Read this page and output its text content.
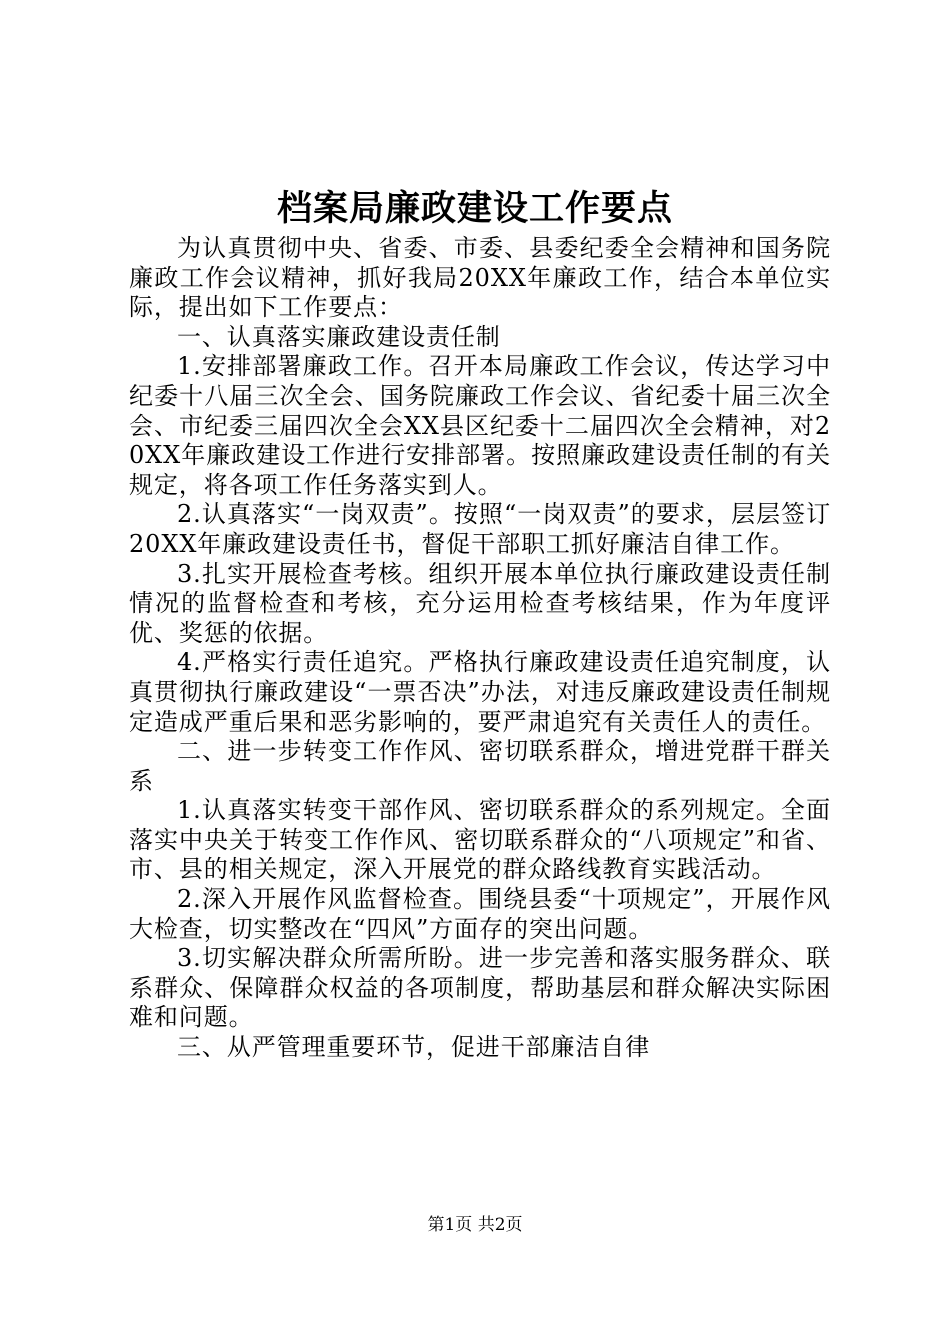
档案局廉政建设工作要点

为认真贯彻中央、省委、市委、县委纪委全会精神和国务院廉政工作会议精神，抓好我局20XX年廉政工作，结合本单位实际，提出如下工作要点：

一、认真落实廉政建设责任制

1.安排部署廉政工作。召开本局廉政工作会议，传达学习中纪委十八届三次全会、国务院廉政工作会议、省纪委十届三次全会、市纪委三届四次全会XX县区纪委十二届四次全会精神，对20XX年廉政建设工作进行安排部署。按照廉政建设责任制的有关规定，将各项工作任务落实到人。

2.认真落实“一岗双责”。按照“一岗双责”的要求，层层签订20XX年廉政建设责任书，督促干部职工抓好廉洁自律工作。

3.扎实开展检查考核。组织开展本单位执行廉政建设责任制情况的监督检查和考核，充分运用检查考核结果，作为年度评优、奖惩的依据。

4.严格实行责任追究。严格执行廉政建设责任追究制度，认真贯彻执行廉政建设“一票否决”办法，对违反廉政建设责任制规定造成严重后果和恶劣影响的，要严肃追究有关责任人的责任。

二、进一步转变工作作风、密切联系群众，增进党群干群关系

1.认真落实转变干部作风、密切联系群众的系列规定。全面落实中央关于转变工作作风、密切联系群众的“八项规定”和省、市、县的相关规定，深入开展党的群众路线教育实践活动。

2.深入开展作风监督检查。围绕县委“十项规定”，开展作风大检查，切实整改在“四风”方面存的突出问题。

3.切实解决群众所需所盼。进一步完善和落实服务群众、联系群众、保障群众权益的各项制度，帮助基层和群众解决实际困难和问题。

三、从严管理重要环节，促进干部廉洁自律

第1页 共2页
